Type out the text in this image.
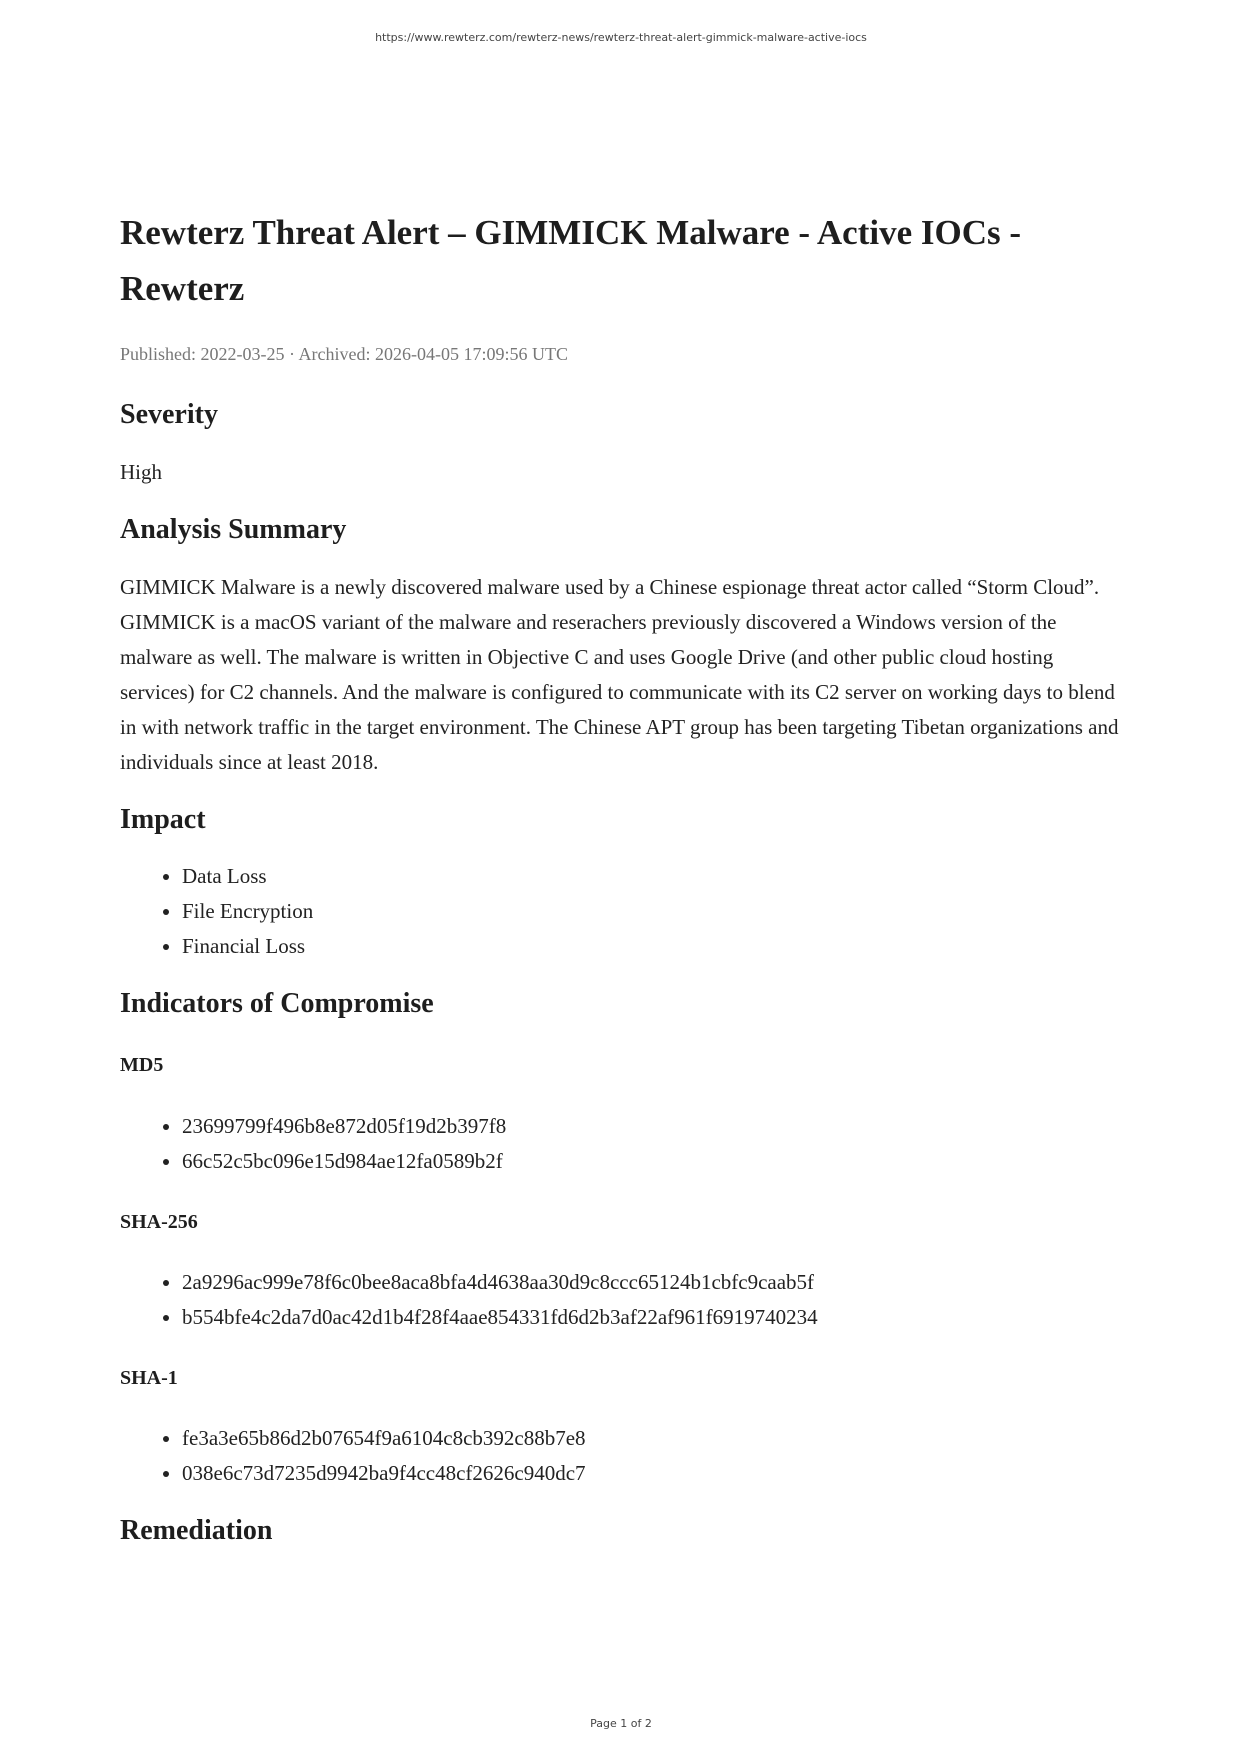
https://www.rewterz.com/rewterz-news/rewterz-threat-alert-gimmick-malware-active-iocs
Rewterz Threat Alert – GIMMICK Malware - Active IOCs - Rewterz
Published: 2022-03-25 · Archived: 2026-04-05 17:09:56 UTC
Severity

High

Analysis Summary

GIMMICK Malware is a newly discovered malware used by a Chinese espionage threat actor called “Storm Cloud”. GIMMICK is a macOS variant of the malware and reserachers previously discovered a Windows version of the malware as well. The malware is written in Objective C and uses Google Drive (and other public cloud hosting services) for C2 channels. And the malware is configured to communicate with its C2 server on working days to blend in with network traffic in the target environment. The Chinese APT group has been targeting Tibetan organizations and individuals since at least 2018.

Impact
• Data Loss
• File Encryption
• Financial Loss
Indicators of Compromise
MD5
• 23699799f496b8e872d05f19d2b397f8
• 66c52c5bc096e15d984ae12fa0589b2f
SHA-256
• 2a9296ac999e78f6c0bee8aca8bfa4d4638aa30d9c8ccc65124b1cbfc9caab5f
• b554bfe4c2da7d0ac42d1b4f28f4aae854331fd6d2b3af22af961f6919740234
SHA-1
• fe3a3e65b86d2b07654f9a6104c8cb392c88b7e8
• 038e6c73d7235d9942ba9f4cc48cf2626c940dc7
Remediation
Page 1 of 2
